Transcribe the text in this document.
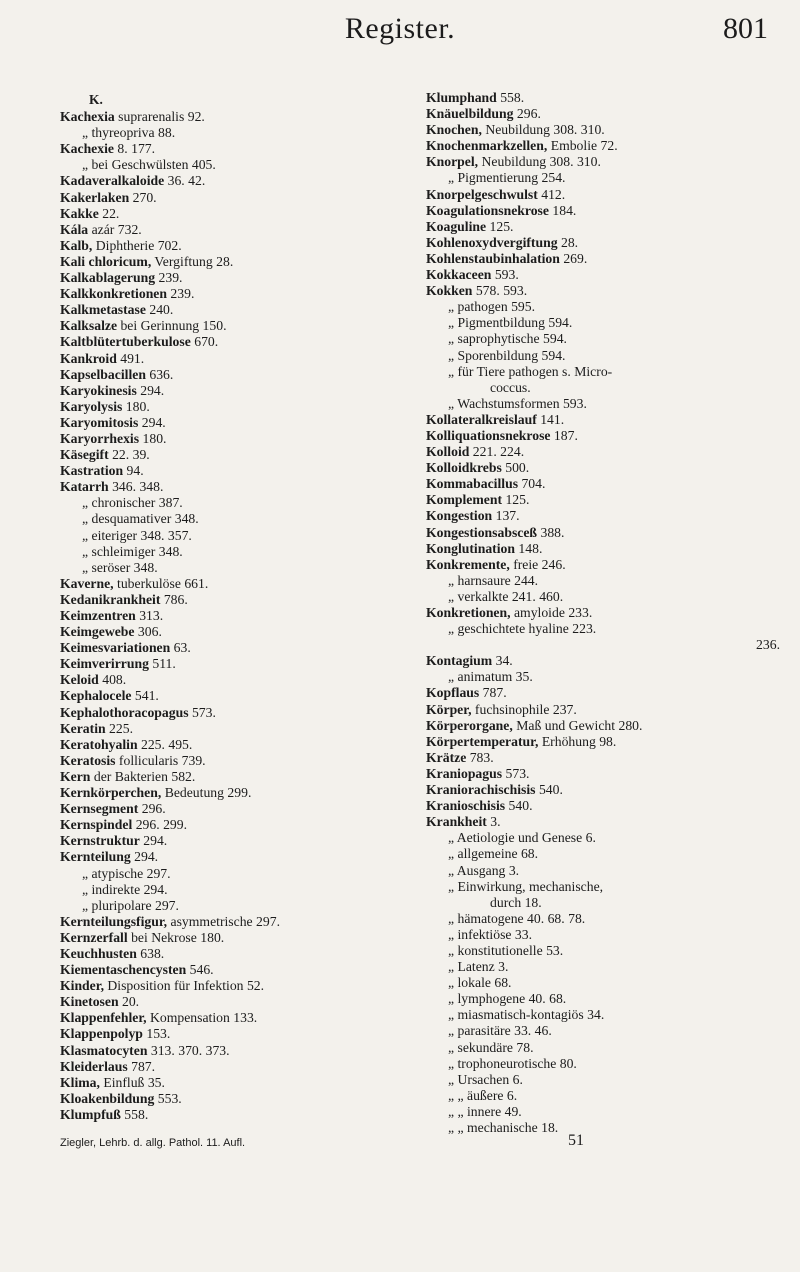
Register.	801
K.
Kachexia suprarenalis 92.
„ thyreopriva 88.
Kachexie 8. 177.
„ bei Geschwülsten 405.
Kadaveralkaloide 36. 42.
Kakerlaken 270.
Kakke 22.
Kála azár 732.
Kalb, Diphtherie 702.
Kali chloricum, Vergiftung 28.
Kalkablagerung 239.
Kalkkonkretionen 239.
Kalkmetastase 240.
Kalksalze bei Gerinnung 150.
Kaltblütertuberkulose 670.
Kankroid 491.
Kapselbacillen 636.
Karyokinesis 294.
Karyolysis 180.
Karyomitosis 294.
Karyorrhexis 180.
Käsegift 22. 39.
Kastration 94.
Katarrh 346. 348.
„ chronischer 387.
„ desquamativer 348.
„ eiteriger 348. 357.
„ schleimiger 348.
„ seröser 348.
Kaverne, tuberkulöse 661.
Kedanikrankheit 786.
Keimzentren 313.
Keimgewebe 306.
Keimesvariationen 63.
Keimverirrung 511.
Keloid 408.
Kephalocele 541.
Kephalothoracopagus 573.
Keratin 225.
Keratohyalin 225. 495.
Keratosis follicularis 739.
Kern der Bakterien 582.
Kernkörperchen, Bedeutung 299.
Kernsegment 296.
Kernspindel 296. 299.
Kernstruktur 294.
Kernteilung 294.
„ atypische 297.
„ indirekte 294.
„ pluripolare 297.
Kernteilungsfigur, asymmetrische 297.
Kernzerfall bei Nekrose 180.
Keuchhusten 638.
Kiementaschencysten 546.
Kinder, Disposition für Infektion 52.
Kinetosen 20.
Klappenfehler, Kompensation 133.
Klappenpolyp 153.
Klasmatocyten 313. 370. 373.
Kleiderlaus 787.
Klima, Einfluß 35.
Kloakenbildung 553.
Klumpfuß 558.
Klumphand 558.
Knäuelbildung 296.
Knochen, Neubildung 308. 310.
Knochenmarkzellen, Embolie 72.
Knorpel, Neubildung 308. 310.
„ Pigmentierung 254.
Knorpelgeschwulst 412.
Koagulationsnekrose 184.
Koaguline 125.
Kohlenoxydvergiftung 28.
Kohlenstaubinhalation 269.
Kokkaceen 593.
Kokken 578. 593.
„ pathogen 595.
„ Pigmentbildung 594.
„ saprophytische 594.
„ Sporenbildung 594.
„ für Tiere pathogen s. Micro-
coccus.
„ Wachstumsformen 593.
Kollateralkreislauf 141.
Kolliquationsnekrose 187.
Kolloid 221. 224.
Kolloidkrebs 500.
Kommabacillus 704.
Komplement 125.
Kongestion 137.
Kongestionsabsceß 388.
Konglutination 148.
Konkremente, freie 246.
„ harnsaure 244.
„ verkalkte 241. 460.
Konkretionen, amyloide 233.
„ geschichtete hyaline 223.
236.
Kontagium 34.
„ animatum 35.
Kopflaus 787.
Körper, fuchsinophile 237.
Körperorgane, Maß und Gewicht 280.
Körpertemperatur, Erhöhung 98.
Krätze 783.
Kraniopagus 573.
Kraniorachischisis 540.
Kranioschisis 540.
Krankheit 3.
„ Aetiologie und Genese 6.
„ allgemeine 68.
„ Ausgang 3.
„ Einwirkung, mechanische,
durch 18.
„ hämatogene 40. 68. 78.
„ infektiöse 33.
„ konstitutionelle 53.
„ Latenz 3.
„ lokale 68.
„ lymphogene 40. 68.
„ miasmatisch-kontagiös 34.
„ parasitäre 33. 46.
„ sekundäre 78.
„ trophoneurotische 80.
„ Ursachen 6.
„ „ äußere 6.
„ „ innere 49.
„ „ mechanische 18.
Ziegler, Lehrb. d. allg. Pathol. 11. Aufl.	51
